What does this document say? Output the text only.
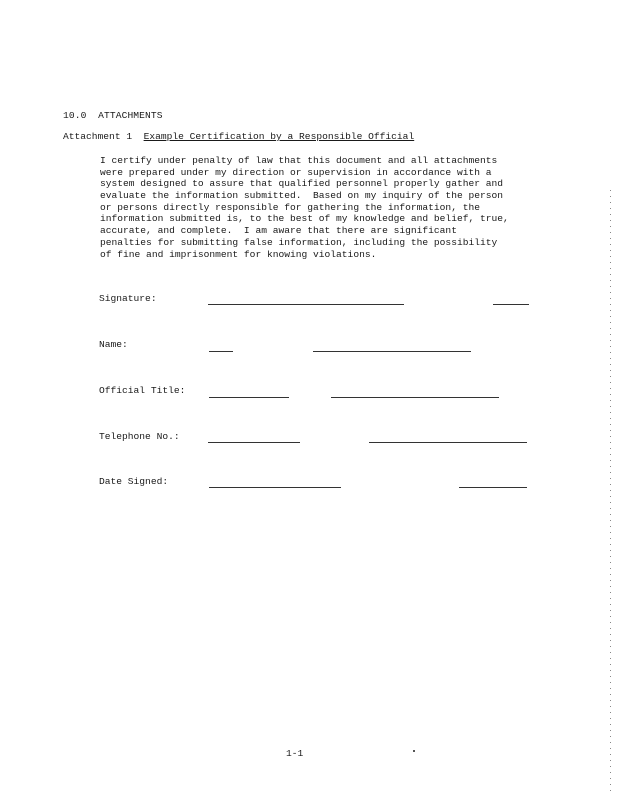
10.0 ATTACHMENTS
Attachment 1 Example Certification by a Responsible Official
I certify under penalty of law that this document and all attachments
were prepared under my direction or supervision in accordance with a
system designed to assure that qualified personnel properly gather and
evaluate the information submitted.  Based on my inquiry of the person
or persons directly responsible for gathering the information, the
information submitted is, to the best of my knowledge and belief, true,
accurate, and complete.  I am aware that there are significant
penalties for submitting false information, including the possibility
of fine and imprisonment for knowing violations.
Signature:
Name:
Official Title:
Telephone No.:
Date Signed:
1-1
